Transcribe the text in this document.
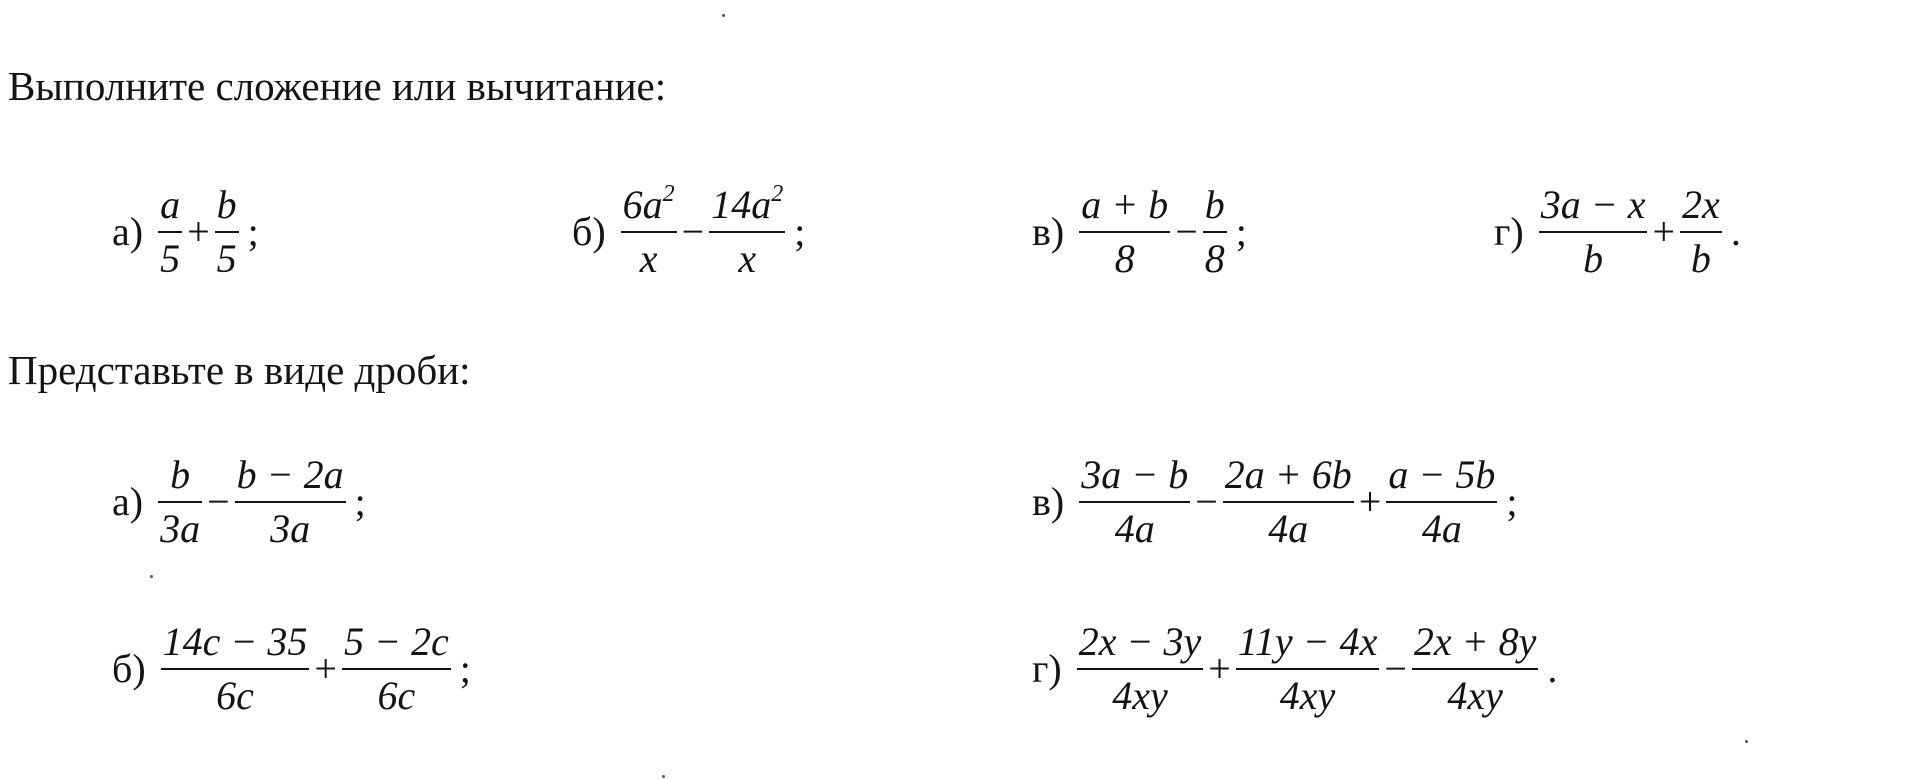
Выполните сложение или вычитание:
$а) \frac{a}{5} + \frac{b}{5}$ ;	$б) \frac{6a^2}{x} - \frac{14a^2}{x}$ ;	$в) \frac{a + b}{8} - \frac{b}{8}$ ;	$г) \frac{3a - x}{b} + \frac{2x}{b}$ .
Представьте в виде дроби:
$а) \frac{b}{3a} - \frac{b - 2a}{3a}$ ;
$б) \frac{14c - 35}{6c} + \frac{5 - 2c}{6c}$ ;
$в) \frac{3a - b}{4a} - \frac{2a + 6b}{4a} + \frac{a - 5b}{4a}$ ;
$г) \frac{2x - 3y}{4xy} + \frac{11y - 4x}{4xy} - \frac{2x + 8y}{4xy}$ .
